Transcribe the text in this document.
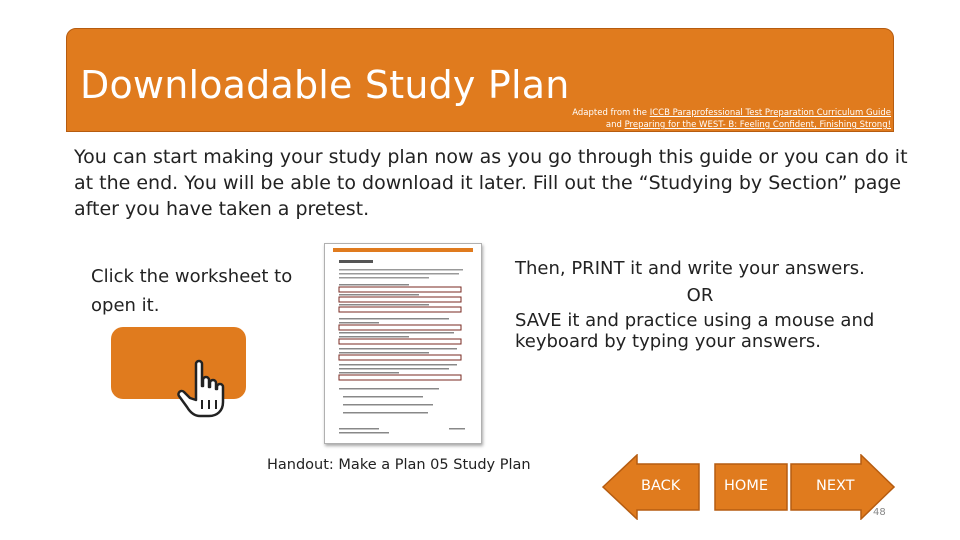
Downloadable Study Plan
Adapted from the ICCB Paraprofessional Test Preparation Curriculum Guide
and Preparing for the WEST- B: Feeling Confident, Finishing Strong!
You can start making your study plan now as you go through this guide or you can do it at the end. You will be able to download it later. Fill out the “Studying by Section” page after you have taken a pretest.
Click the worksheet to open it.

Then, PRINT it and write your answers.

OR

SAVE it and practice using a mouse and keyboard by typing your answers.

Handout: Make a Plan 05 Study Plan
BACK	HOME	NEXT
48
